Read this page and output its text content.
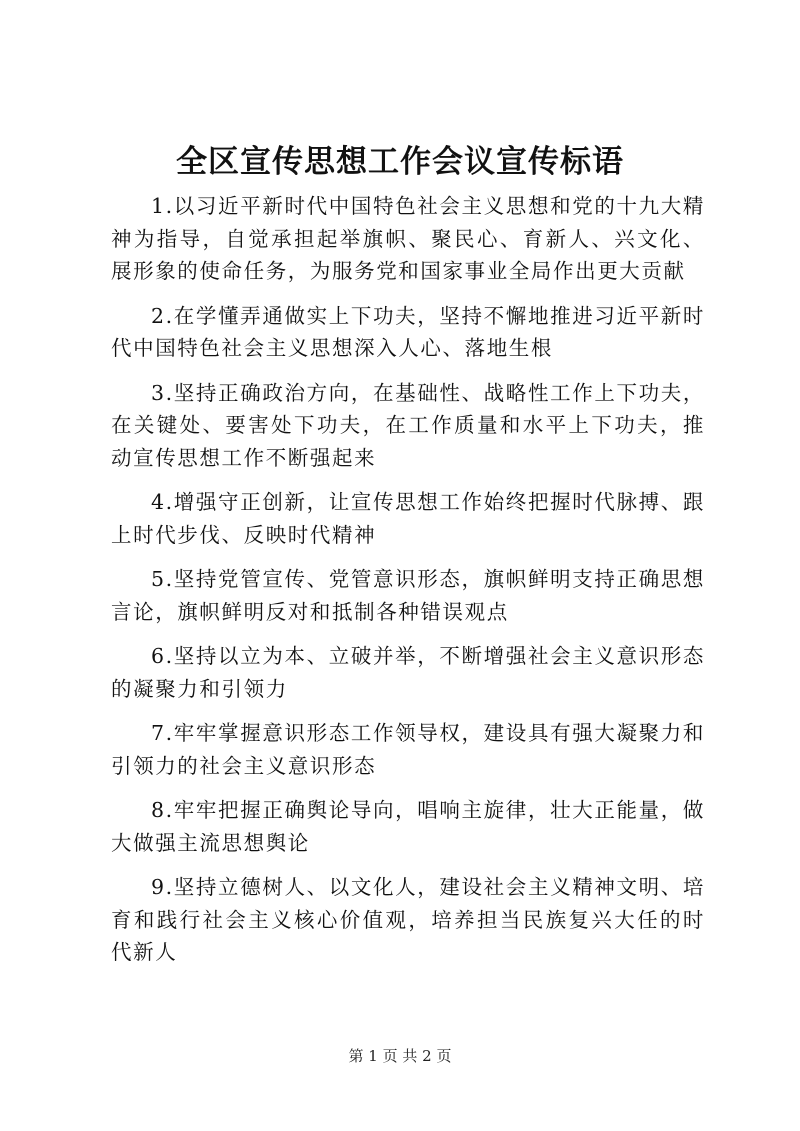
全区宣传思想工作会议宣传标语

1.以习近平新时代中国特色社会主义思想和党的十九大精神为指导，自觉承担起举旗帜、聚民心、育新人、兴文化、展形象的使命任务，为服务党和国家事业全局作出更大贡献

2.在学懂弄通做实上下功夫，坚持不懈地推进习近平新时代中国特色社会主义思想深入人心、落地生根

3.坚持正确政治方向，在基础性、战略性工作上下功夫，在关键处、要害处下功夫，在工作质量和水平上下功夫，推动宣传思想工作不断强起来

4.增强守正创新，让宣传思想工作始终把握时代脉搏、跟上时代步伐、反映时代精神

5.坚持党管宣传、党管意识形态，旗帜鲜明支持正确思想言论，旗帜鲜明反对和抵制各种错误观点

6.坚持以立为本、立破并举，不断增强社会主义意识形态的凝聚力和引领力

7.牢牢掌握意识形态工作领导权，建设具有强大凝聚力和引领力的社会主义意识形态

8.牢牢把握正确舆论导向，唱响主旋律，壮大正能量，做大做强主流思想舆论

9.坚持立德树人、以文化人，建设社会主义精神文明、培育和践行社会主义核心价值观，培养担当民族复兴大任的时代新人

第 1 页 共 2 页
